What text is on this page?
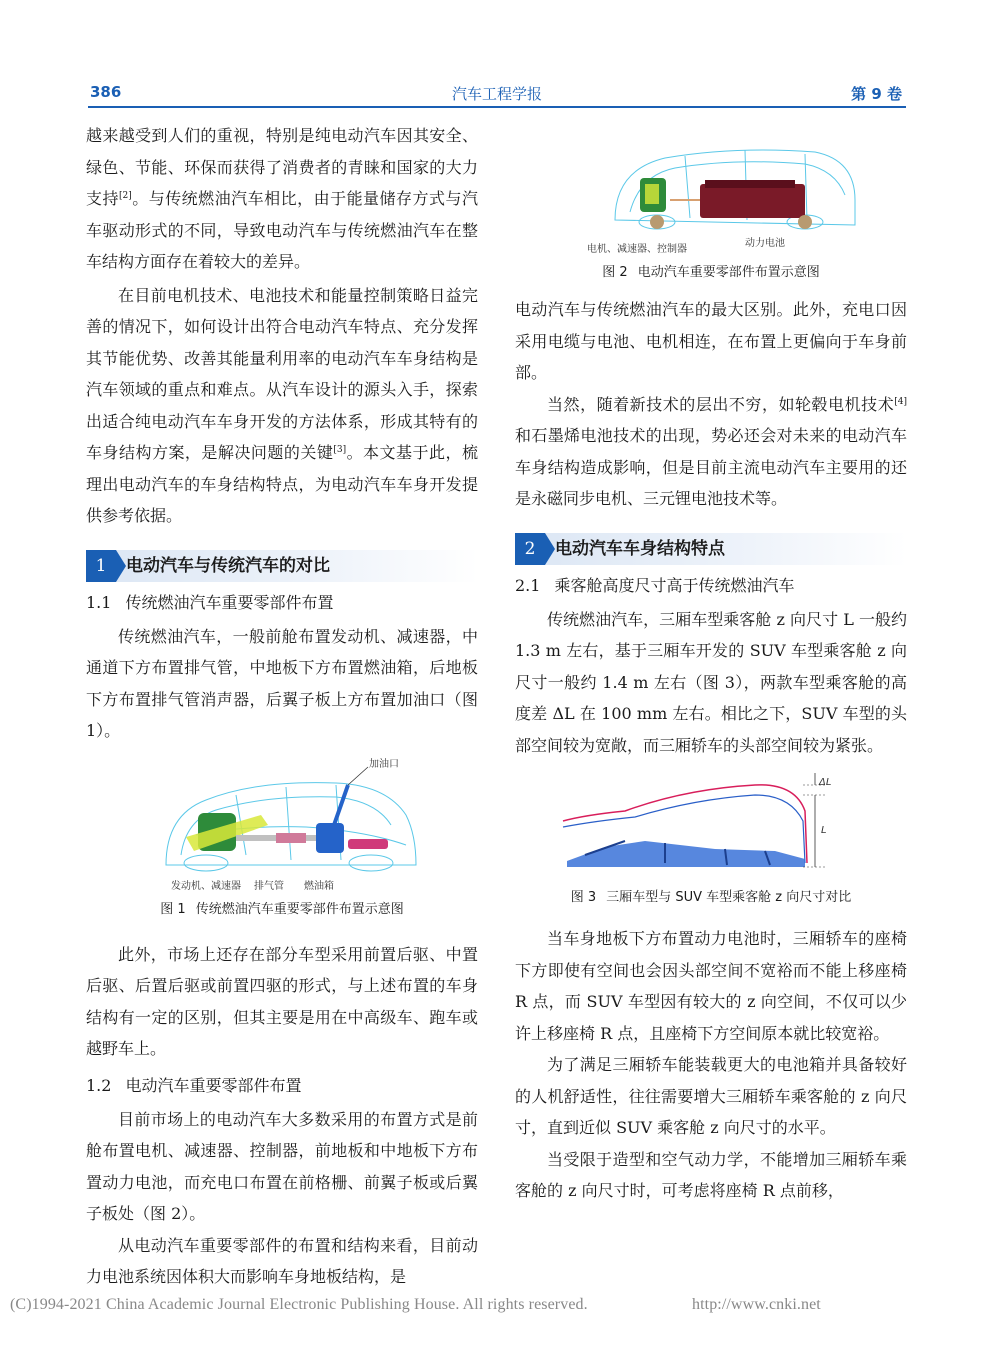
386	汽车工程学报	第 9 卷

越来越受到人们的重视，特别是纯电动汽车因其安全、绿色、节能、环保而获得了消费者的青睐和国家的大力支持[2]。与传统燃油汽车相比，由于能量储存方式与汽车驱动形式的不同，导致电动汽车与传统燃油汽车在整车结构方面存在着较大的差异。

在目前电机技术、电池技术和能量控制策略日益完善的情况下，如何设计出符合电动汽车特点、充分发挥其节能优势、改善其能量利用率的电动汽车车身结构是汽车领域的重点和难点。从汽车设计的源头入手，探索出适合纯电动汽车车身开发的方法体系，形成其特有的车身结构方案，是解决问题的关键[3]。本文基于此，梳理出电动汽车的车身结构特点，为电动汽车车身开发提供参考依据。

1	电动汽车与传统汽车的对比
1.1 传统燃油汽车重要零部件布置

传统燃油汽车，一般前舱布置发动机、减速器，中通道下方布置排气管，中地板下方布置燃油箱，后地板下方布置排气管消声器，后翼子板上方布置加油口（图 1）。

加油口
发动机、减速器 排气管 燃油箱
图 1 传统燃油汽车重要零部件布置示意图

此外，市场上还存在部分车型采用前置后驱、中置后驱、后置后驱或前置四驱的形式，与上述布置的车身结构有一定的区别，但其主要是用在中高级车、跑车或越野车上。

1.2 电动汽车重要零部件布置

目前市场上的电动汽车大多数采用的布置方式是前舱布置电机、减速器、控制器，前地板和中地板下方布置动力电池，而充电口布置在前格栅、前翼子板或后翼子板处（图 2）。

从电动汽车重要零部件的布置和结构来看，目前动力电池系统因体积大而影响车身地板结构，是

电机、减速器、控制器
动力电池
图 2 电动汽车重要零部件布置示意图

电动汽车与传统燃油汽车的最大区别。此外，充电口因采用电缆与电池、电机相连，在布置上更偏向于车身前部。

当然，随着新技术的层出不穷，如轮毂电机技术[4]和石墨烯电池技术的出现，势必还会对未来的电动汽车车身结构造成影响，但是目前主流电动汽车主要用的还是永磁同步电机、三元锂电池技术等。

2	电动汽车车身结构特点
2.1 乘客舱高度尺寸高于传统燃油汽车

传统燃油汽车，三厢车型乘客舱 z 向尺寸 L 一般约 1.3 m 左右，基于三厢车开发的 SUV 车型乘客舱 z 向尺寸一般约 1.4 m 左右（图 3），两款车型乘客舱的高度差 ΔL 在 100 mm 左右。相比之下，SUV 车型的头部空间较为宽敞，而三厢轿车的头部空间较为紧张。

ΔL
L
图 3 三厢车型与 SUV 车型乘客舱 z 向尺寸对比

当车身地板下方布置动力电池时，三厢轿车的座椅下方即使有空间也会因头部空间不宽裕而不能上移座椅 R 点，而 SUV 车型因有较大的 z 向空间，不仅可以少许上移座椅 R 点，且座椅下方空间原本就比较宽裕。

为了满足三厢轿车能装载更大的电池箱并具备较好的人机舒适性，往往需要增大三厢轿车乘客舱的 z 向尺寸，直到近似 SUV 乘客舱 z 向尺寸的水平。

当受限于造型和空气动力学，不能增加三厢轿车乘客舱的 z 向尺寸时，可考虑将座椅 R 点前移，

(C)1994-2021 China Academic Journal Electronic Publishing House. All rights reserved.	http://www.cnki.net
